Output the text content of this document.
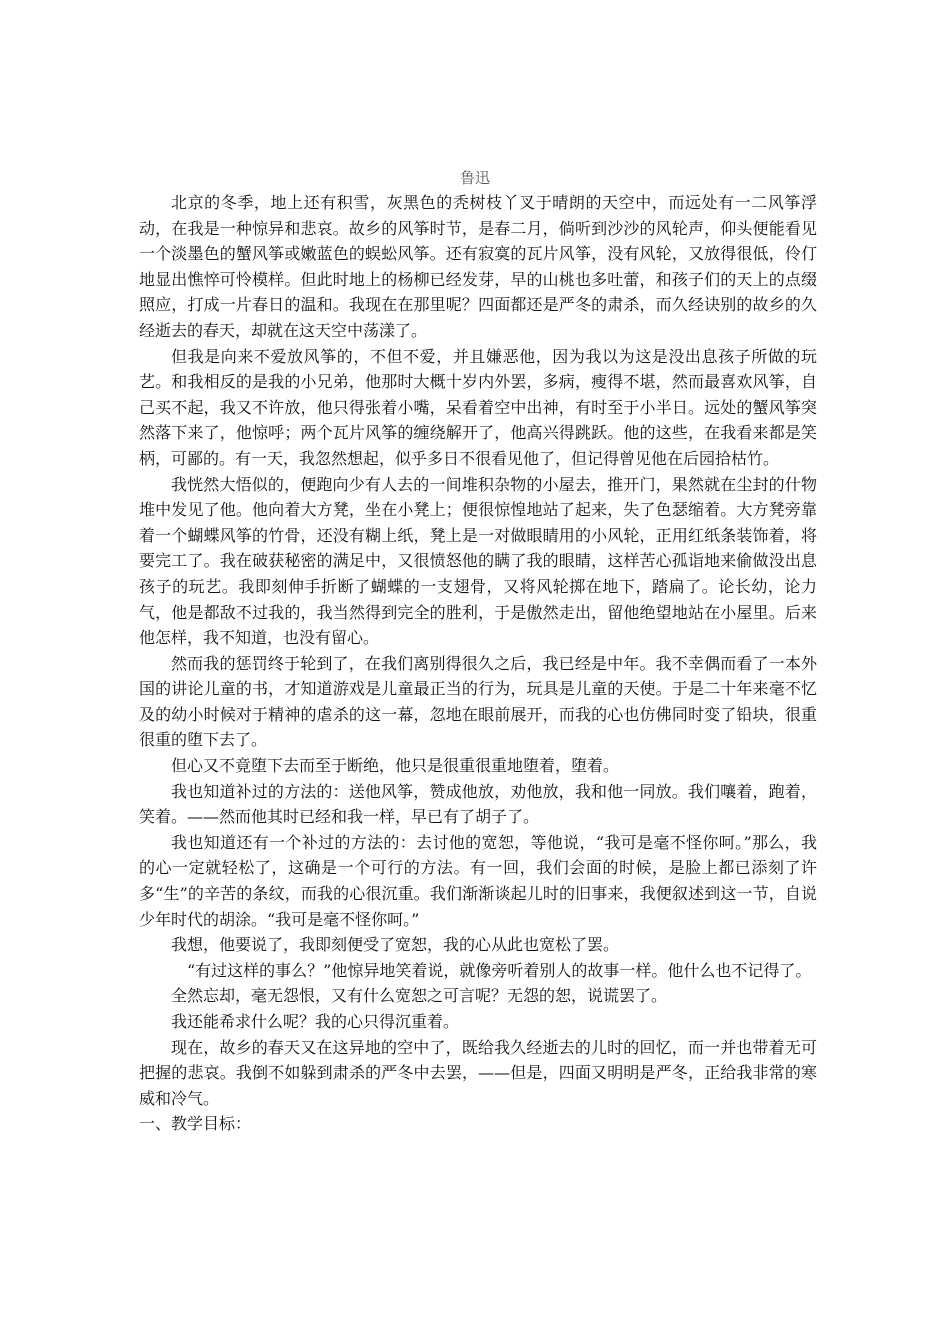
鲁迅

北京的冬季，地上还有积雪，灰黑色的秃树枝丫叉于晴朗的天空中，而远处有一二风筝浮动，在我是一种惊异和悲哀。故乡的风筝时节，是春二月，倘听到沙沙的风轮声，仰头便能看见一个淡墨色的蟹风筝或嫩蓝色的蜈蚣风筝。还有寂寞的瓦片风筝，没有风轮，又放得很低，伶仃地显出憔悴可怜模样。但此时地上的杨柳已经发芽，早的山桃也多吐蕾，和孩子们的天上的点缀照应，打成一片春日的温和。我现在在那里呢？四面都还是严冬的肃杀，而久经诀别的故乡的久经逝去的春天，却就在这天空中荡漾了。

但我是向来不爱放风筝的，不但不爱，并且嫌恶他，因为我以为这是没出息孩子所做的玩艺。和我相反的是我的小兄弟，他那时大概十岁内外罢，多病，瘦得不堪，然而最喜欢风筝，自己买不起，我又不许放，他只得张着小嘴，呆看着空中出神，有时至于小半日。远处的蟹风筝突然落下来了，他惊呼；两个瓦片风筝的缠绕解开了，他高兴得跳跃。他的这些，在我看来都是笑柄，可鄙的。有一天，我忽然想起，似乎多日不很看见他了，但记得曾见他在后园拾枯竹。

我恍然大悟似的，便跑向少有人去的一间堆积杂物的小屋去，推开门，果然就在尘封的什物堆中发见了他。他向着大方凳，坐在小凳上；便很惊惶地站了起来，失了色瑟缩着。大方凳旁靠着一个蝴蝶风筝的竹骨，还没有糊上纸，凳上是一对做眼睛用的小风轮，正用红纸条装饰着，将要完工了。我在破获秘密的满足中，又很愤怒他的瞒了我的眼睛，这样苦心孤诣地来偷做没出息孩子的玩艺。我即刻伸手折断了蝴蝶的一支翅骨，又将风轮掷在地下，踏扁了。论长幼，论力气，他是都敌不过我的，我当然得到完全的胜利，于是傲然走出，留他绝望地站在小屋里。后来他怎样，我不知道，也没有留心。

然而我的惩罚终于轮到了，在我们离别得很久之后，我已经是中年。我不幸偶而看了一本外国的讲论儿童的书，才知道游戏是儿童最正当的行为，玩具是儿童的天使。于是二十年来毫不忆及的幼小时候对于精神的虐杀的这一幕，忽地在眼前展开，而我的心也仿佛同时变了铅块，很重很重的堕下去了。

但心又不竟堕下去而至于断绝，他只是很重很重地堕着，堕着。

我也知道补过的方法的：送他风筝，赞成他放，劝他放，我和他一同放。我们嚷着，跑着，笑着。——然而他其时已经和我一样，早已有了胡子了。

我也知道还有一个补过的方法的：去讨他的宽恕，等他说，“我可是毫不怪你呵。”那么，我的心一定就轻松了，这确是一个可行的方法。有一回，我们会面的时候，是脸上都已添刻了许多“生”的辛苦的条纹，而我的心很沉重。我们渐渐谈起儿时的旧事来，我便叙述到这一节，自说少年时代的胡涂。“我可是毫不怪你呵。”

我想，他要说了，我即刻便受了宽恕，我的心从此也宽松了罢。

“有过这样的事么？”他惊异地笑着说，就像旁听着别人的故事一样。他什么也不记得了。

全然忘却，毫无怨恨，又有什么宽恕之可言呢？无怨的恕，说谎罢了。

我还能希求什么呢？我的心只得沉重着。

现在，故乡的春天又在这异地的空中了，既给我久经逝去的儿时的回忆，而一并也带着无可把握的悲哀。我倒不如躲到肃杀的严冬中去罢，——但是，四面又明明是严冬，正给我非常的寒威和冷气。

一、教学目标：
